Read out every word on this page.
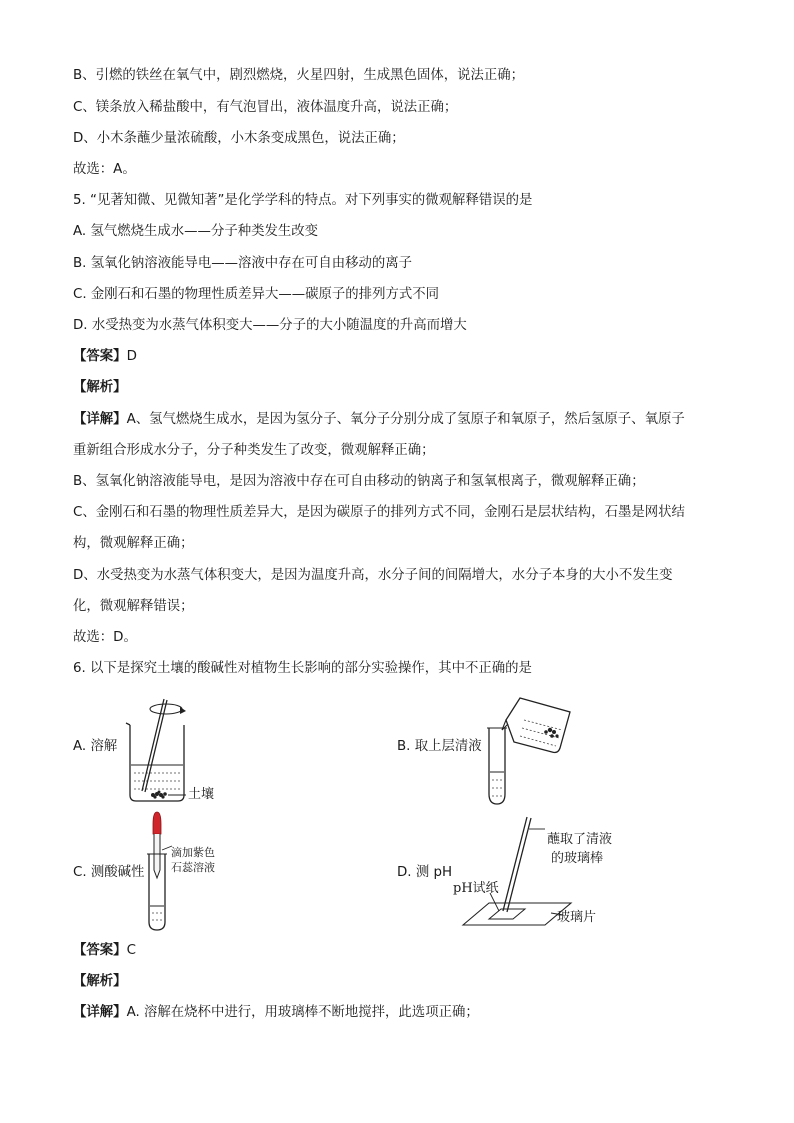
B、引燃的铁丝在氧气中，剧烈燃烧，火星四射，生成黑色固体，说法正确；
C、镁条放入稀盐酸中，有气泡冒出，液体温度升高，说法正确；
D、小木条蘸少量浓硫酸，小木条变成黑色，说法正确；
故选：A。
5. “见著知微、见微知著”是化学学科的特点。对下列事实的微观解释错误的是
A. 氢气燃烧生成水——分子种类发生改变
B. 氢氧化钠溶液能导电——溶液中存在可自由移动的离子
C. 金刚石和石墨的物理性质差异大——碳原子的排列方式不同
D. 水受热变为水蒸气体积变大——分子的大小随温度的升高而增大
【答案】D
【解析】
【详解】A、氢气燃烧生成水，是因为氢分子、氧分子分别分成了氢原子和氧原子，然后氢原子、氧原子
重新组合形成水分子，分子种类发生了改变，微观解释正确；
B、氢氧化钠溶液能导电，是因为溶液中存在可自由移动的钠离子和氢氧根离子，微观解释正确；
C、金刚石和石墨的物理性质差异大，是因为碳原子的排列方式不同，金刚石是层状结构，石墨是网状结
构，微观解释正确；
D、水受热变为水蒸气体积变大，是因为温度升高，水分子间的间隔增大，水分子本身的大小不发生变
化，微观解释错误；
故选：D。
6. 以下是探究土壤的酸碱性对植物生长影响的部分实验操作，其中不正确的是
A. 溶解
土壤
B. 取上层清液
C. 测酸碱性
滴加紫色
石蕊溶液	D. 测 pH
蘸取了清液
的玻璃棒
pH试纸
玻璃片
【答案】C
【解析】
【详解】A. 溶解在烧杯中进行，用玻璃棒不断地搅拌，此选项正确；
